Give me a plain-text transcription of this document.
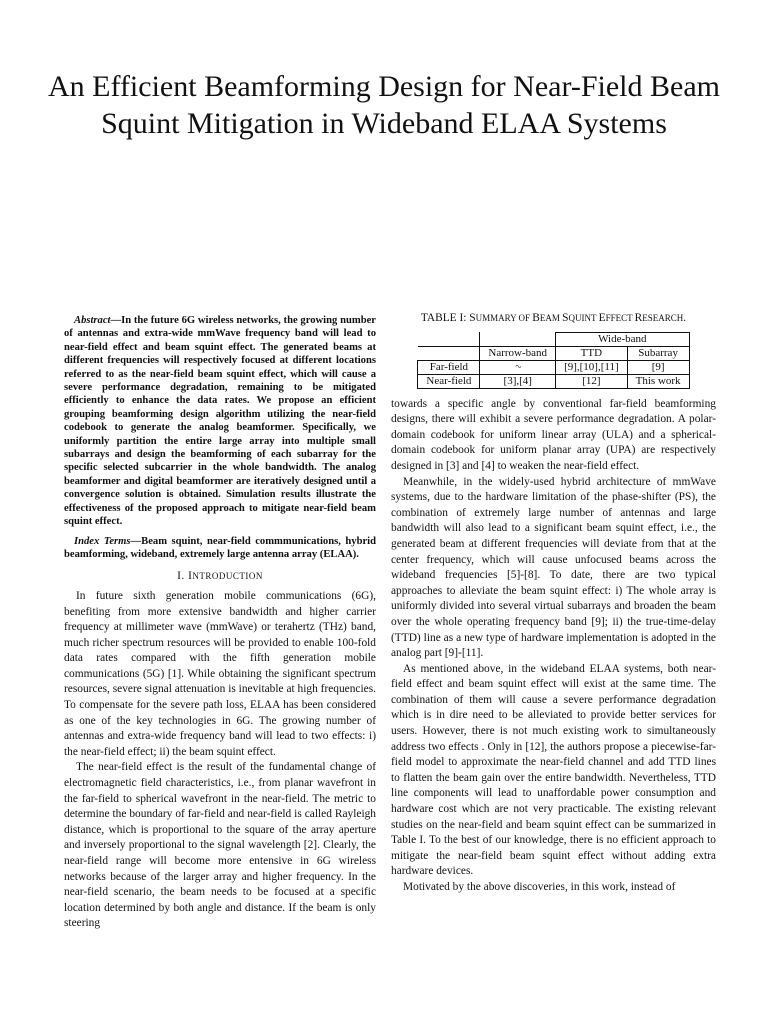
An Efficient Beamforming Design for Near-Field Beam Squint Mitigation in Wideband ELAA Systems

Abstract—In the future 6G wireless networks, the growing number of antennas and extra-wide mmWave frequency band will lead to near-field effect and beam squint effect. The generated beams at different frequencies will respectively focused at different locations referred to as the near-field beam squint effect, which will cause a severe performance degradation, remaining to be mitigated efficiently to enhance the data rates. We propose an efficient grouping beamforming design algorithm utilizing the near-field codebook to generate the analog beamformer. Specifically, we uniformly partition the entire large array into multiple small subarrays and design the beamforming of each subarray for the specific selected subcarrier in the whole bandwidth. The analog beamformer and digital beamformer are iteratively designed until a convergence solution is obtained. Simulation results illustrate the effectiveness of the proposed approach to mitigate near-field beam squint effect.

Index Terms—Beam squint, near-field commmunications, hybrid beamforming, wideband, extremely large antenna array (ELAA).

I. INTRODUCTION

In future sixth generation mobile communications (6G), benefiting from more extensive bandwidth and higher carrier frequency at millimeter wave (mmWave) or terahertz (THz) band, much richer spectrum resources will be provided to enable 100-fold data rates compared with the fifth generation mobile communications (5G) [1]. While obtaining the significant spectrum resources, severe signal attenuation is inevitable at high frequencies. To compensate for the severe path loss, ELAA has been considered as one of the key technologies in 6G. The growing number of antennas and extra-wide frequency band will lead to two effects: i) the near-field effect; ii) the beam squint effect.

The near-field effect is the result of the fundamental change of electromagnetic field characteristics, i.e., from planar wavefront in the far-field to spherical wavefront in the near-field. The metric to determine the boundary of far-field and near-field is called Rayleigh distance, which is proportional to the square of the array aperture and inversely proportional to the signal wavelength [2]. Clearly, the near-field range will become more entensive in 6G wireless networks because of the larger array and higher frequency. In the near-field scenario, the beam needs to be focused at a specific location determined by both angle and distance. If the beam is only steering

TABLE I: SUMMARY OF BEAM SQUINT EFFECT RESEARCH.
		Wide-band	
	Narrow-band	TTD	Subarray
Far-field	~	[9],[10],[11]	[9]
Near-field	[3],[4]	[12]	This work

towards a specific angle by conventional far-field beamforming designs, there will exhibit a severe performance degradation. A polar-domain codebook for uniform linear array (ULA) and a spherical-domain codebook for uniform planar array (UPA) are respectively designed in [3] and [4] to weaken the near-field effect.

Meanwhile, in the widely-used hybrid architecture of mmWave systems, due to the hardware limitation of the phase-shifter (PS), the combination of extremely large number of antennas and large bandwidth will also lead to a significant beam squint effect, i.e., the generated beam at different frequencies will deviate from that at the center frequency, which will cause unfocused beams across the wideband frequencies [5]-[8]. To date, there are two typical approaches to alleviate the beam squint effect: i) The whole array is uniformly divided into several virtual subarrays and broaden the beam over the whole operating frequency band [9]; ii) the true-time-delay (TTD) line as a new type of hardware implementation is adopted in the analog part [9]-[11].

As mentioned above, in the wideband ELAA systems, both near-field effect and beam squint effect will exist at the same time. The combination of them will cause a severe performance degradation which is in dire need to be alleviated to provide better services for users. However, there is not much existing work to simultaneously address two effects . Only in [12], the authors propose a piecewise-far-field model to approximate the near-field channel and add TTD lines to flatten the beam gain over the entire bandwidth. Nevertheless, TTD line components will lead to unaffordable power consumption and hardware cost which are not very practicable. The existing relevant studies on the near-field and beam squint effect can be summarized in Table I. To the best of our knowledge, there is no efficient approach to mitigate the near-field beam squint effect without adding extra hardware devices.

Motivated by the above discoveries, in this work, instead of
